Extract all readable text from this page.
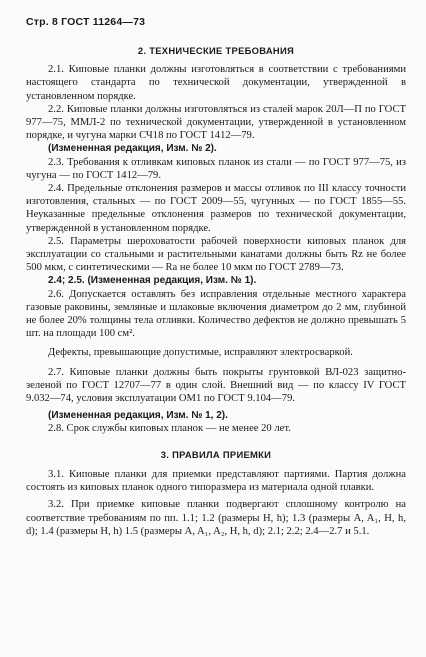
Стр. 8 ГОСТ 11264—73
2. ТЕХНИЧЕСКИЕ ТРЕБОВАНИЯ

2.1. Киповые планки должны изготовляться в соответствии с требованиями настоящего стандарта по технической документации, утвержденной в установленном порядке.

2.2. Киповые планки должны изготовляться из сталей марок 20Л—П по ГОСТ 977—75, ММЛ-2 по технической документации, утвержденной в установленном порядке, и чугуна марки СЧ18 по ГОСТ 1412—79.

(Измененная редакция, Изм. № 2).

2.3. Требования к отливкам киповых планок из стали — по ГОСТ 977—75, из чугуна — по ГОСТ 1412—79.

2.4. Предельные отклонения размеров и массы отливок по III классу точности изготовления, стальных — по ГОСТ 2009—55, чугунных — по ГОСТ 1855—55. Неуказанные предельные отклонения размеров по технической документации, утвержденной в установленном порядке.

2.5. Параметры шероховатости рабочей поверхности киповых планок для эксплуатации со стальными и растительными канатами должны быть Rz не более 500 мкм, с синтетическими — Ra не более 10 мкм по ГОСТ 2789—73.

2.4; 2.5. (Измененная редакция, Изм. № 1).

2.6. Допускается оставлять без исправления отдельные местного характера газовые раковины, земляные и шлаковые включения диаметром до 2 мм, глубиной не более 20% толщины тела отливки. Количество дефектов не должно превышать 5 шт. на площади 100 см².

Дефекты, превышающие допустимые, исправляют электросваркой.

2.7. Киповые планки должны быть покрыты грунтовкой ВЛ-023 защитно-зеленой по ГОСТ 12707—77 в один слой. Внешний вид — по классу IV ГОСТ 9.032—74, условия эксплуатации ОМ1 по ГОСТ 9.104—79.

(Измененная редакция, Изм. № 1, 2).

2.8. Срок службы киповых планок — не менее 20 лет.

3. ПРАВИЛА ПРИЕМКИ

3.1. Киповые планки для приемки представляют партиями. Партия должна состоять из киповых планок одного типоразмера из материала одной плавки.

3.2. При приемке киповые планки подвергают сплошному контролю на соответствие требованиям по пп. 1.1; 1.2 (размеры H, h); 1.3 (размеры A, A₁, H, h, d); 1.4 (размеры H, h) 1.5 (размеры A, A₁, A₂, H, h, d); 2.1; 2.2; 2.4—2.7 и 5.1.
